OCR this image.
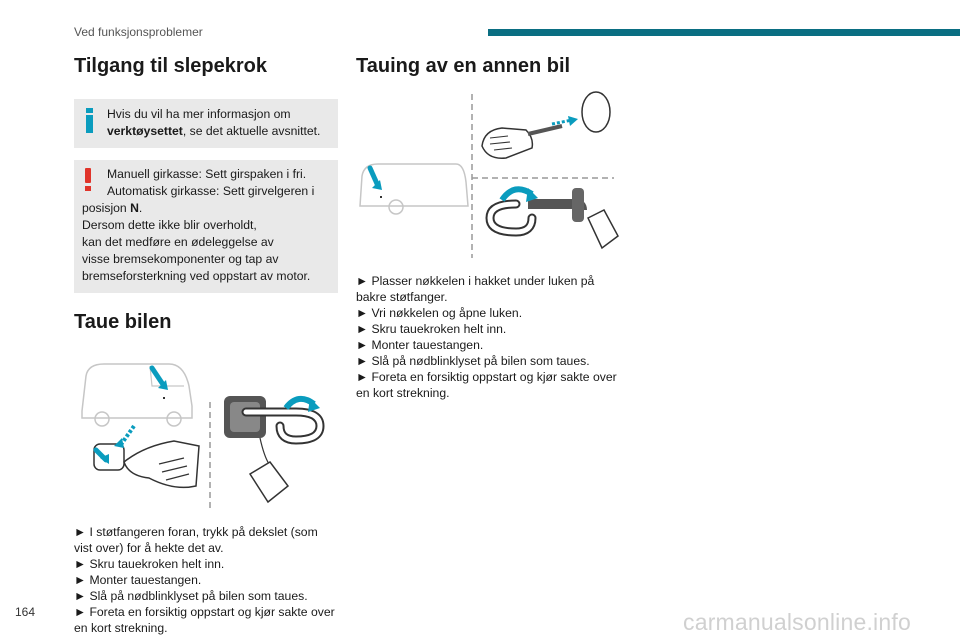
Ved funksjonsproblemer
Tilgang til slepekrok
Hvis du vil ha mer informasjon om
verktøysettet, se det aktuelle avsnittet.
Manuell girkasse: Sett girspaken i fri.
Automatisk girkasse: Sett girvelgeren i
posisjon N.
Dersom dette ikke blir overholdt,
kan det medføre en ødeleggelse av
visse bremsekomponenter og tap av
bremseforsterkning ved oppstart av motor.
Taue bilen

► I støtfangeren foran, trykk på dekslet (som

vist over) for å hekte det av.

► Skru tauekroken helt inn.

► Monter tauestangen.

► Slå på nødblinklyset på bilen som taues.

► Foreta en forsiktig oppstart og kjør sakte over

en kort strekning.

Tauing av en annen bil

► Plasser nøkkelen i hakket under luken på

bakre støtfanger.

► Vri nøkkelen og åpne luken.

► Skru tauekroken helt inn.

► Monter tauestangen.

► Slå på nødblinklyset på bilen som taues.

► Foreta en forsiktig oppstart og kjør sakte over

en kort strekning.

164	carmanualsonline.info
